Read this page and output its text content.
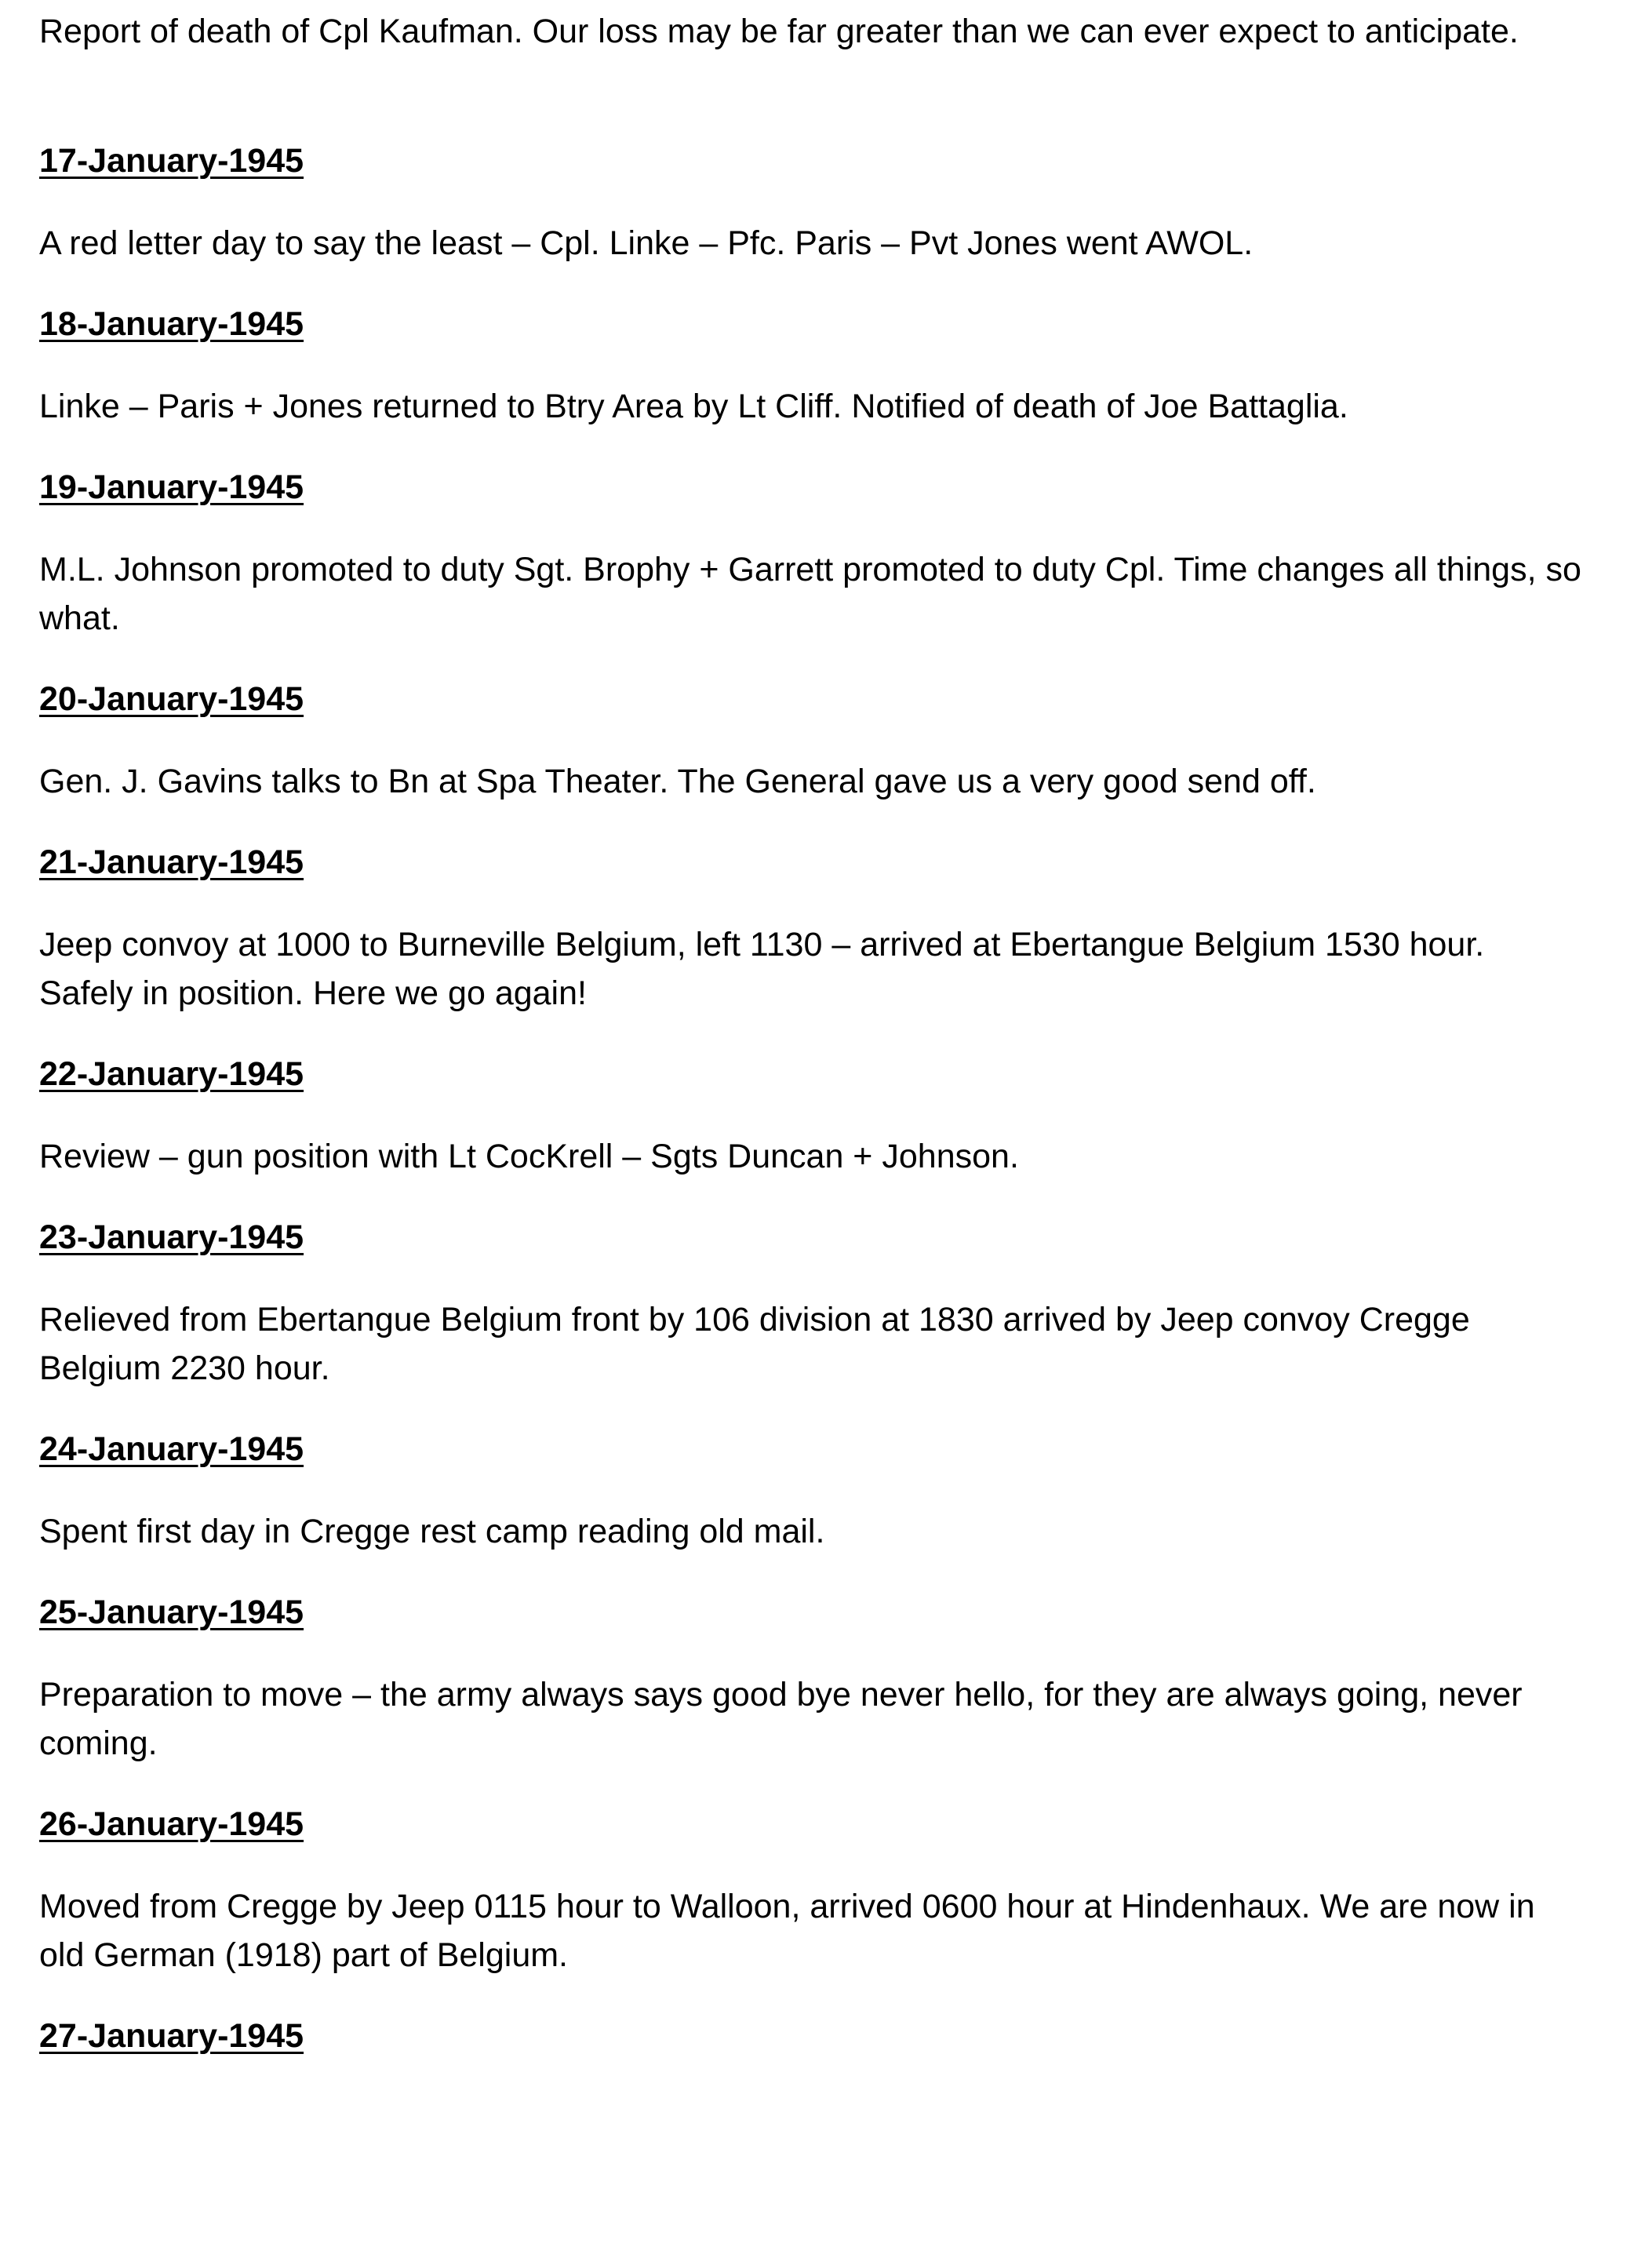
Report of death of Cpl Kaufman. Our loss may be far greater than we can ever expect to anticipate.

17-January-1945

A red letter day to say the least – Cpl. Linke – Pfc. Paris – Pvt Jones went AWOL.

18-January-1945

Linke – Paris + Jones returned to Btry Area by Lt Cliff. Notified of death of Joe Battaglia.

19-January-1945

M.L. Johnson promoted to duty Sgt. Brophy + Garrett promoted to duty Cpl. Time changes all things, so what.

20-January-1945

Gen. J. Gavins talks to Bn at Spa Theater. The General gave us a very good send off.

21-January-1945

Jeep convoy at 1000 to Burneville Belgium, left 1130 – arrived at Ebertangue Belgium 1530 hour. Safely in position. Here we go again!

22-January-1945

Review – gun position with Lt CocKrell – Sgts Duncan + Johnson.

23-January-1945

Relieved from Ebertangue Belgium front by 106 division at 1830 arrived by Jeep convoy Cregge Belgium 2230 hour.

24-January-1945

Spent first day in Cregge rest camp reading old mail.

25-January-1945

Preparation to move – the army always says good bye never hello, for they are always going, never coming.

26-January-1945

Moved from Cregge by Jeep 0115 hour to Walloon, arrived 0600 hour at Hindenhaux. We are now in old German (1918) part of Belgium.

27-January-1945
